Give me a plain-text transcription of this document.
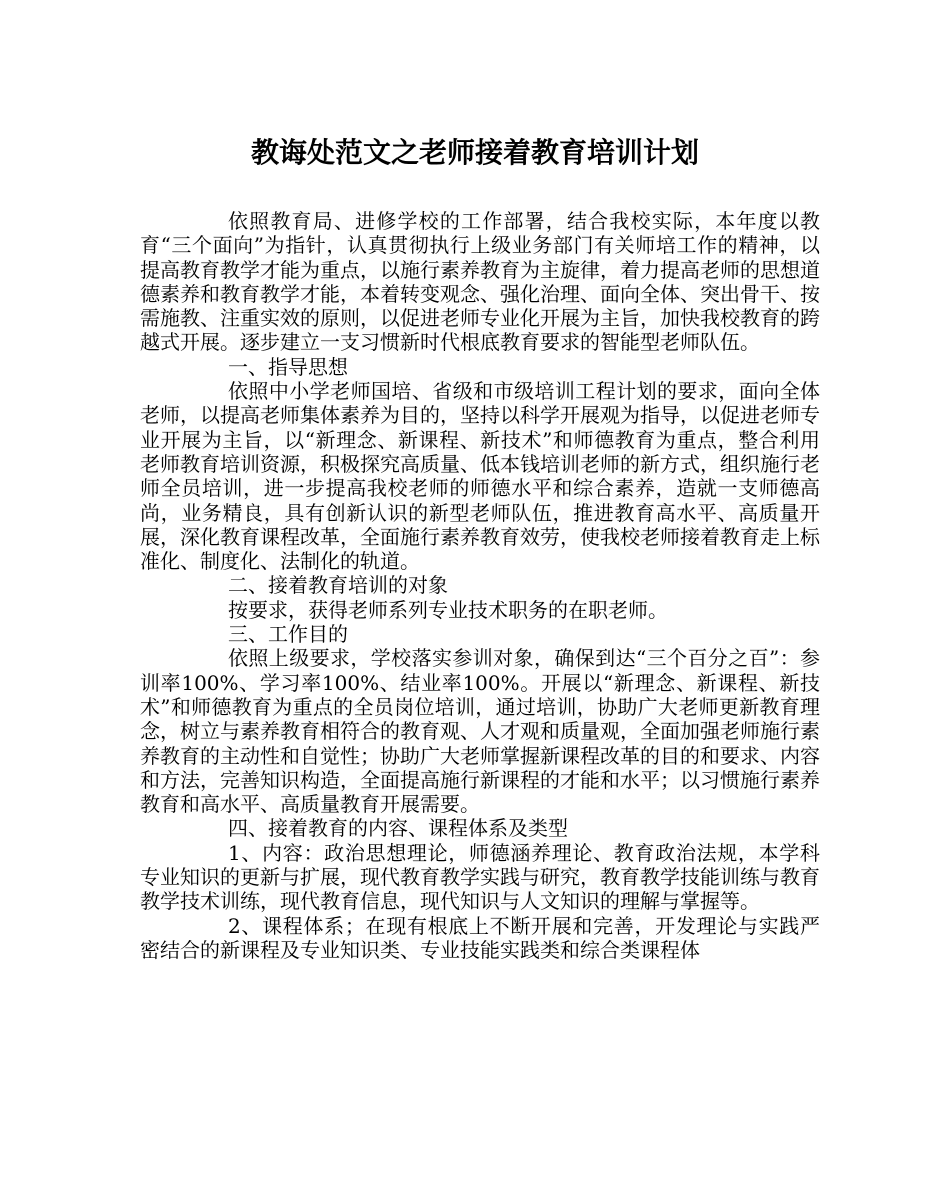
教诲处范文之老师接着教育培训计划

依照教育局、进修学校的工作部署，结合我校实际，本年度以教育“三个面向”为指针，认真贯彻执行上级业务部门有关师培工作的精神，以提高教育教学才能为重点，以施行素养教育为主旋律，着力提高老师的思想道德素养和教育教学才能，本着转变观念、强化治理、面向全体、突出骨干、按需施教、注重实效的原则，以促进老师专业化开展为主旨，加快我校教育的跨越式开展。逐步建立一支习惯新时代根底教育要求的智能型老师队伍。

一、指导思想

依照中小学老师国培、省级和市级培训工程计划的要求，面向全体老师，以提高老师集体素养为目的，坚持以科学开展观为指导，以促进老师专业开展为主旨，以“新理念、新课程、新技术”和师德教育为重点，整合利用老师教育培训资源，积极探究高质量、低本钱培训老师的新方式，组织施行老师全员培训，进一步提高我校老师的师德水平和综合素养，造就一支师德高尚，业务精良，具有创新认识的新型老师队伍，推进教育高水平、高质量开展，深化教育课程改革，全面施行素养教育效劳，使我校老师接着教育走上标准化、制度化、法制化的轨道。

二、接着教育培训的对象

按要求，获得老师系列专业技术职务的在职老师。

三、工作目的

依照上级要求，学校落实参训对象，确保到达“三个百分之百”：参训率100%、学习率100%、结业率100%。开展以“新理念、新课程、新技术”和师德教育为重点的全员岗位培训，通过培训，协助广大老师更新教育理念，树立与素养教育相符合的教育观、人才观和质量观，全面加强老师施行素养教育的主动性和自觉性；协助广大老师掌握新课程改革的目的和要求、内容和方法，完善知识构造，全面提高施行新课程的才能和水平；以习惯施行素养教育和高水平、高质量教育开展需要。

四、接着教育的内容、课程体系及类型

1、内容：政治思想理论，师德涵养理论、教育政治法规，本学科专业知识的更新与扩展，现代教育教学实践与研究，教育教学技能训练与教育教学技术训练，现代教育信息，现代知识与人文知识的理解与掌握等。

2、课程体系；在现有根底上不断开展和完善，开发理论与实践严密结合的新课程及专业知识类、专业技能实践类和综合类课程体
